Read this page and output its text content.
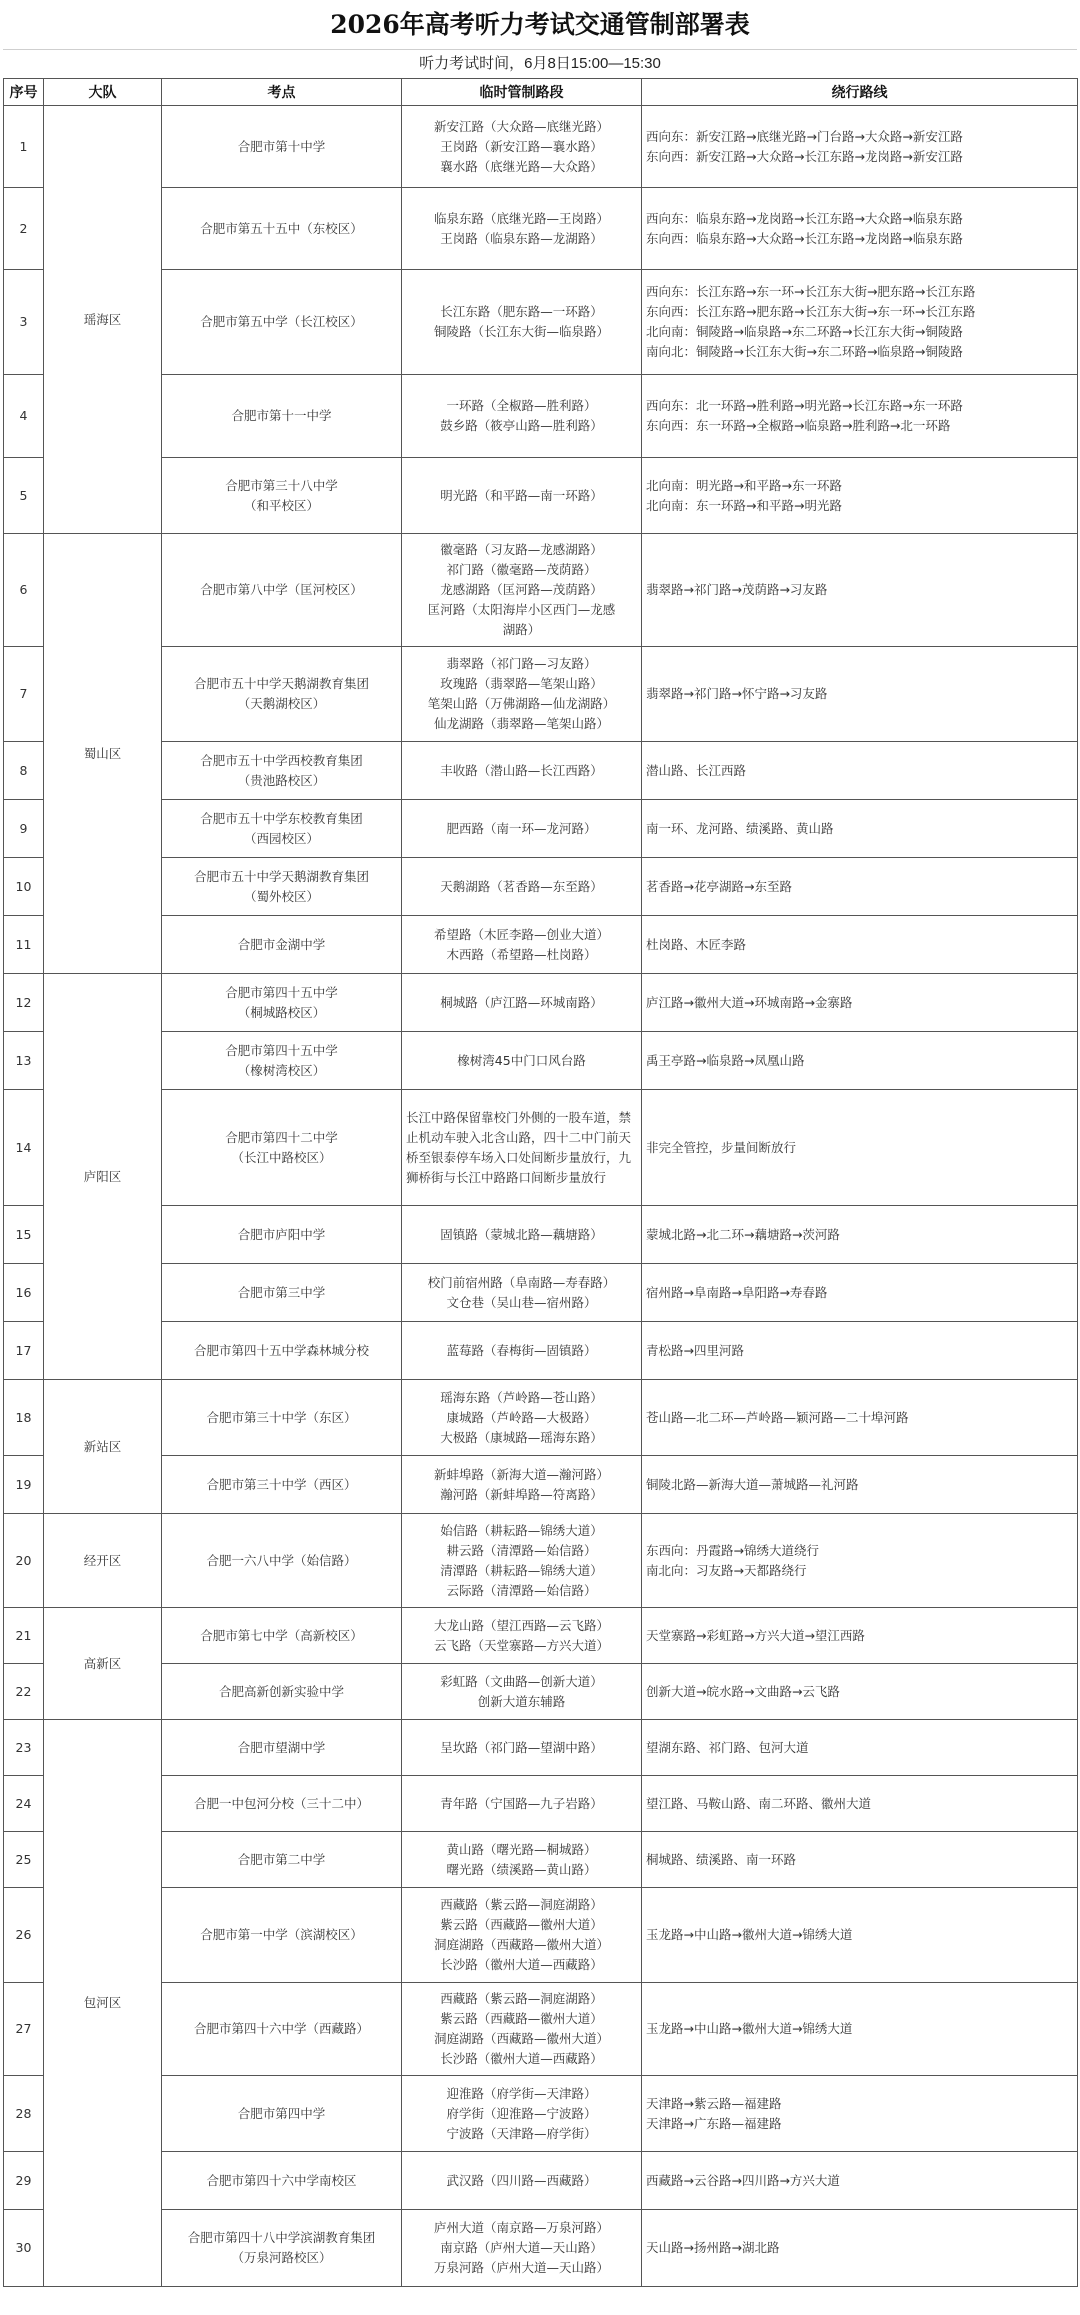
2026年高考听力考试交通管制部署表
听力考试时间，6月8日15:00—15:30
序号	大队	考点	临时管制路段	绕行路线
1	瑶海区	合肥市第十中学	新安江路（大众路—底继光路）
王岗路（新安江路—襄水路）
襄水路（底继光路—大众路）	西向东：新安江路→底继光路→门台路→大众路→新安江路
东向西：新安江路→大众路→长江东路→龙岗路→新安江路

2		合肥市第五十五中（东校区）	临泉东路（底继光路—王岗路）
王岗路（临泉东路—龙湖路）	西向东：临泉东路→龙岗路→长江东路→大众路→临泉东路
东向西：临泉东路→大众路→长江东路→龙岗路→临泉东路

3		合肥市第五中学（长江校区）	长江东路（肥东路—一环路）
铜陵路（长江东大街—临泉路）	西向东：长江东路→东一环→长江东大街→肥东路→长江东路
东向西：长江东路→肥东路→长江东大街→东一环→长江东路
北向南：铜陵路→临泉路→东二环路→长江东大街→铜陵路
南向北：铜陵路→长江东大街→东二环路→临泉路→铜陵路

4		合肥市第十一中学	一环路（全椒路—胜利路）
鼓乡路（筱亭山路—胜利路）	西向东：北一环路→胜利路→明光路→长江东路→东一环路
东向西：东一环路→全椒路→临泉路→胜利路→北一环路

5		合肥市第三十八中学
（和平校区）	明光路（和平路—南一环路）	北向南：明光路→和平路→东一环路
北向南：东一环路→和平路→明光路

6	蜀山区	合肥市第八中学（匡河校区）	徽毫路（习友路—龙感湖路）
祁门路（徽毫路—茂荫路）
龙感湖路（匡河路—茂荫路）
匡河路（太阳海岸小区西门—龙感
湖路）	翡翠路→祁门路→茂荫路→习友路

7		合肥市五十中学天鹅湖教育集团
（天鹅湖校区）	翡翠路（祁门路—习友路）
玫瑰路（翡翠路—笔架山路）
笔架山路（万佛湖路—仙龙湖路）
仙龙湖路（翡翠路—笔架山路）	翡翠路→祁门路→怀宁路→习友路

8		合肥市五十中学西校教育集团
（贵池路校区）	丰收路（潜山路—长江西路）	潜山路、长江西路

9		合肥市五十中学东校教育集团
（西园校区）	肥西路（南一环—龙河路）	南一环、龙河路、绩溪路、黄山路

10		合肥市五十中学天鹅湖教育集团
（蜀外校区）	天鹅湖路（茗香路—东至路）	茗香路→花亭湖路→东至路

11		合肥市金湖中学	希望路（木匠李路—创业大道）
木西路（希望路—杜岗路）	杜岗路、木匠李路

12	庐阳区	合肥市第四十五中学
（桐城路校区）	桐城路（庐江路—环城南路）	庐江路→徽州大道→环城南路→金寨路

13		合肥市第四十五中学
（橡树湾校区）	橡树湾45中门口风台路	禹王亭路→临泉路→凤凰山路

14		合肥市第四十二中学
（长江中路校区）	长江中路保留靠校门外侧的一股车道，禁止机动车驶入北含山路，四十二中门前天桥至银泰停车场入口处间断步量放行，九狮桥街与长江中路路口间断步量放行	非完全管控，步量间断放行

15		合肥市庐阳中学	固镇路（蒙城北路—藕塘路）	蒙城北路→北二环→藕塘路→茨河路

16		合肥市第三中学	校门前宿州路（阜南路—寿春路）
文仓巷（吴山巷—宿州路）	宿州路→阜南路→阜阳路→寿春路

17		合肥市第四十五中学森林城分校	蓝莓路（春梅街—固镇路）	青松路→四里河路

18	新站区	合肥市第三十中学（东区）	瑶海东路（芦岭路—苍山路）
康城路（芦岭路—大极路）
大极路（康城路—瑶海东路）	苍山路—北二环—芦岭路—颖河路—二十埠河路

19		合肥市第三十中学（西区）	新蚌埠路（新海大道—瀚河路）
瀚河路（新蚌埠路—符离路）	铜陵北路—新海大道—萧城路—礼河路

20	经开区	合肥一六八中学（始信路）	始信路（耕耘路—锦绣大道）
耕云路（清潭路—始信路）
清潭路（耕耘路—锦绣大道）
云际路（清潭路—始信路）	东西向：丹霞路→锦绣大道绕行
南北向：习友路→天都路绕行

21	高新区	合肥市第七中学（高新校区）	大龙山路（望江西路—云飞路）
云飞路（天堂寨路—方兴大道）	天堂寨路→彩虹路→方兴大道→望江西路

22		合肥高新创新实验中学	彩虹路（文曲路—创新大道）
创新大道东辅路	创新大道→皖水路→文曲路→云飞路

23	包河区	合肥市望湖中学	呈坎路（祁门路—望湖中路）	望湖东路、祁门路、包河大道

24		合肥一中包河分校（三十二中）	青年路（宁国路—九子岩路）	望江路、马鞍山路、南二环路、徽州大道

25		合肥市第二中学	黄山路（曙光路—桐城路）
曙光路（绩溪路—黄山路）	桐城路、绩溪路、南一环路

26		合肥市第一中学（滨湖校区）	西藏路（紫云路—洞庭湖路）
紫云路（西藏路—徽州大道）
洞庭湖路（西藏路—徽州大道）
长沙路（徽州大道—西藏路）	玉龙路→中山路→徽州大道→锦绣大道

27		合肥市第四十六中学（西藏路）	西藏路（紫云路—洞庭湖路）
紫云路（西藏路—徽州大道）
洞庭湖路（西藏路—徽州大道）
长沙路（徽州大道—西藏路）	玉龙路→中山路→徽州大道→锦绣大道

28		合肥市第四中学	迎淮路（府学街—天津路）
府学街（迎淮路—宁波路）
宁波路（天津路—府学街）	天津路→紫云路—福建路
天津路→广东路—福建路

29		合肥市第四十六中学南校区	武汉路（四川路—西藏路）	西藏路→云谷路→四川路→方兴大道

30		合肥市第四十八中学滨湖教育集团
（万泉河路校区）	庐州大道（南京路—万泉河路）
南京路（庐州大道—天山路）
万泉河路（庐州大道—天山路）	天山路→扬州路→湖北路
